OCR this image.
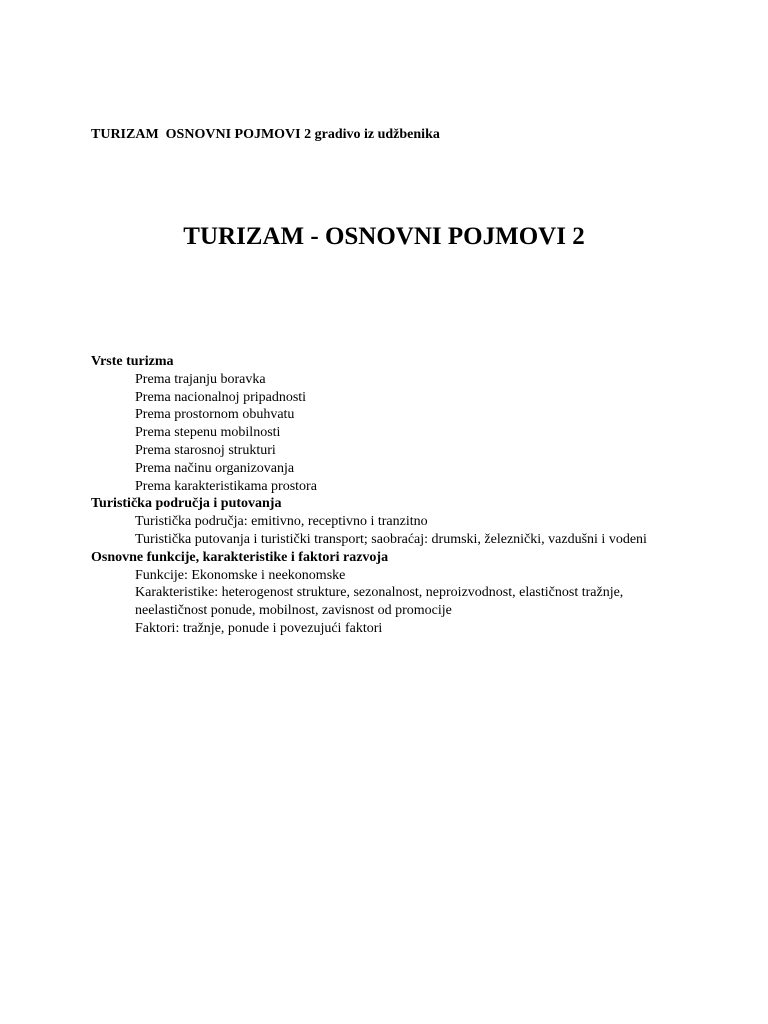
TURIZAM  OSNOVNI POJMOVI 2 gradivo iz udžbenika
TURIZAM - OSNOVNI POJMOVI 2
Vrste turizma
Prema trajanju boravka
Prema nacionalnoj pripadnosti
Prema prostornom obuhvatu
Prema stepenu mobilnosti
Prema starosnoj strukturi
Prema načinu organizovanja
Prema karakteristikama prostora
Turistička područja i putovanja
Turistička područja: emitivno, receptivno i tranzitno
Turistička putovanja i turistički transport; saobraćaj: drumski, železnički, vazdušni i vodeni
Osnovne funkcije, karakteristike i faktori razvoja
Funkcije: Ekonomske i neekonomske
Karakteristike: heterogenost strukture, sezonalnost, neproizvodnost, elastičnost tražnje, neelastičnost ponude, mobilnost, zavisnost od promocije
Faktori: tražnje, ponude i povezujući faktori
